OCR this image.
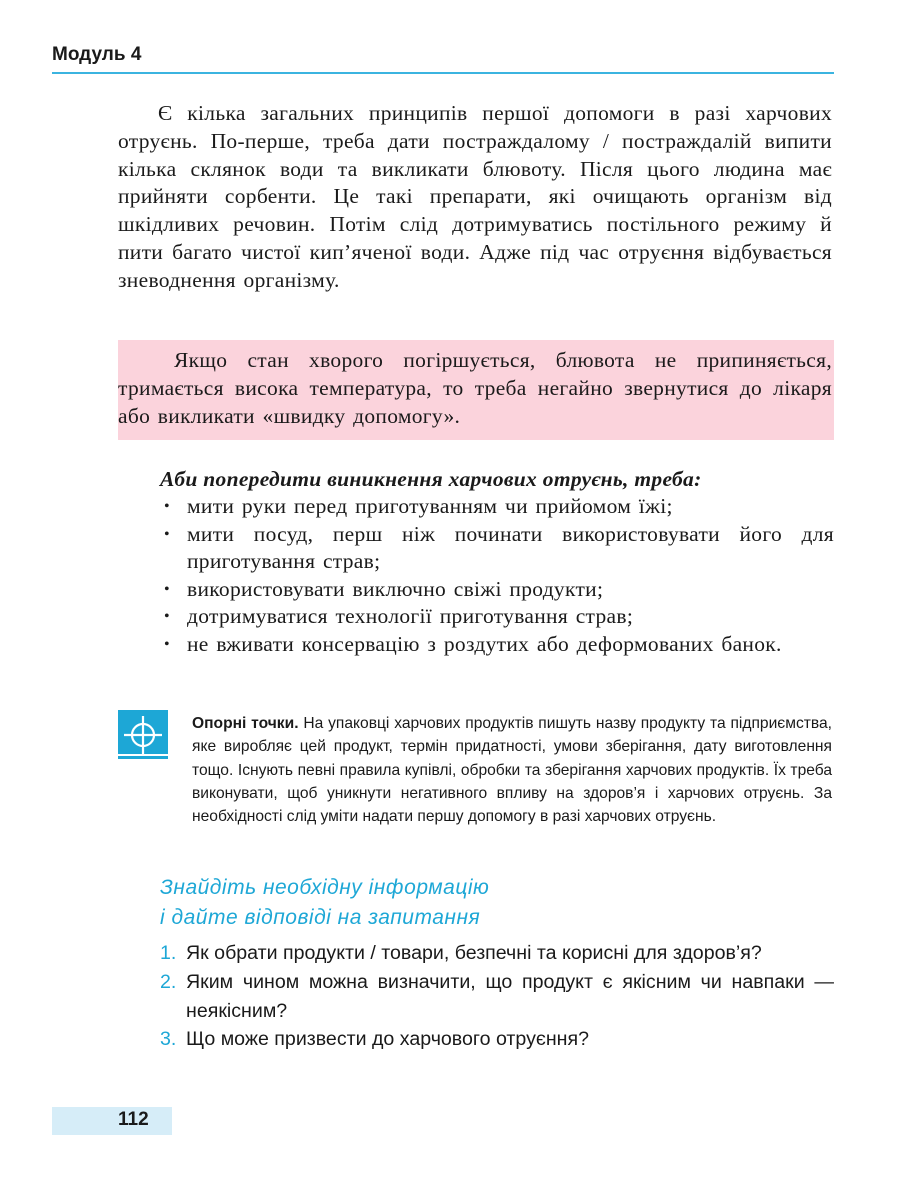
Модуль 4

Є кілька загальних принципів першої допомоги в разі харчових отруєнь. По-перше, треба дати постраждалому / постраждалій випити кілька склянок води та викликати блювоту. Після цього людина має прийняти сорбенти. Це такі препарати, які очищають організм від шкідливих речовин. Потім слід дотримуватись постільного режиму й пити багато чистої кип’яченої води. Адже під час отруєння відбувається зневоднення організму.

Якщо стан хворого погіршується, блювота не припиняється, тримається висока температура, то треба негайно звернутися до лікаря або викликати «швидку допомогу».

Аби попередити виникнення харчових отруєнь, треба:
• мити руки перед приготуванням чи прийомом їжі;
• мити посуд, перш ніж починати використовувати його для приготування страв;
• використовувати виключно свіжі продукти;
• дотримуватися технології приготування страв;
• не вживати консервацію з роздутих або деформованих банок.
Опорні точки. На упаковці харчових продуктів пишуть назву продукту та підприємства, яке виробляє цей продукт, термін придатності, умови зберігання, дату виготовлення тощо. Існують певні правила купівлі, обробки та зберігання харчових продуктів. Їх треба виконувати, щоб уникнути негативного впливу на здоров’я і харчових отруєнь. За необхідності слід уміти надати першу допомогу в разі харчових отруєнь.
Знайдіть необхідну інформацію
і дайте відповіді на запитання
1. Як обрати продукти / товари, безпечні та корисні для здоров’я?
2. Яким чином можна визначити, що продукт є якісним чи навпаки — неякісним?
3. Що може призвести до харчового отруєння?
112
